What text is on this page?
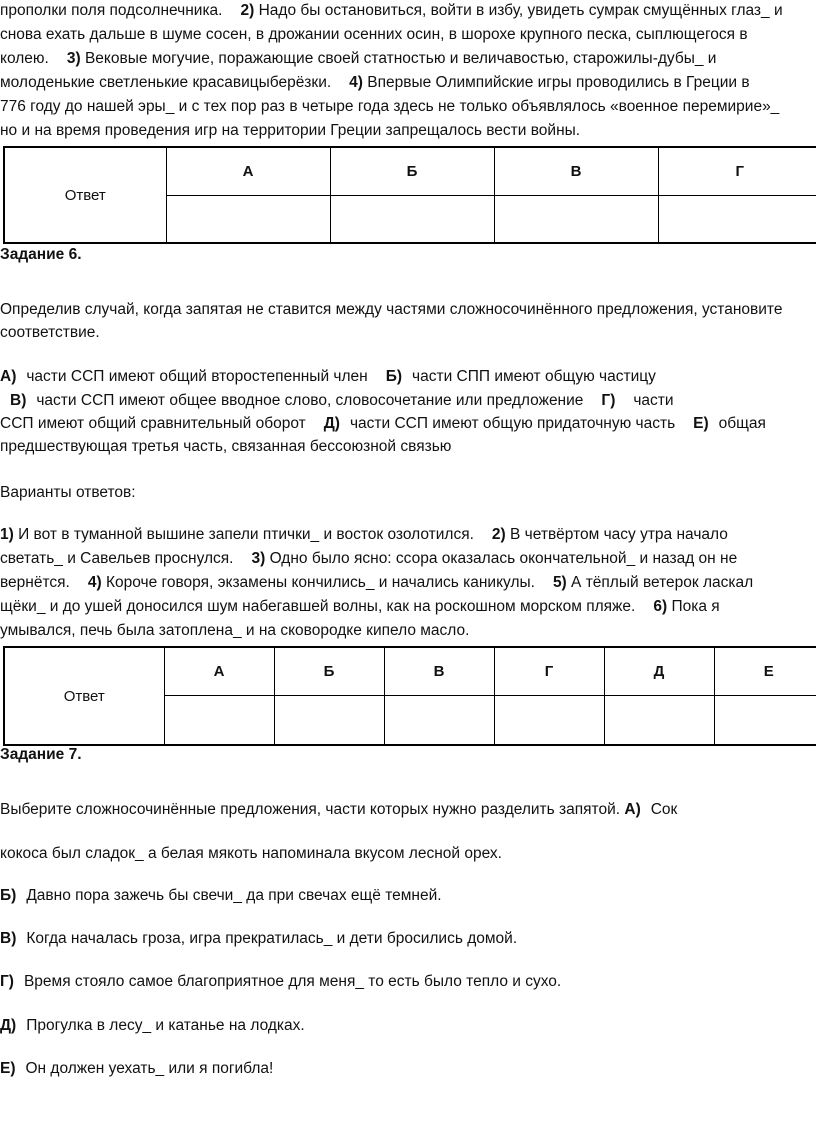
прополки поля подсолнечника. 2) Надо бы остановиться, войти в избу, увидеть сумрак смущённых глаз_ и
снова ехать дальше в шуме сосен, в дрожании осенних осин, в шорохе крупного песка, сыплющегося в
колею. 3) Вековые могучие, поражающие своей статностью и величавостью, старожилы-дубы_ и
молоденькие светленькие красавицыберёзки. 4) Впервые Олимпийские игры проводились в Греции в
776 году до нашей эры_ и с тех пор раз в четыре года здесь не только объявлялось «военное перемирие»_
но и на время проведения игр на территории Греции запрещалось вести войны.
Ответ	А	Б	В	Г

Задание 6.
Определив случай, когда запятая не ставится между частями сложносочинённого предложения, установите
соответствие.
А) части ССП имеют общий второстепенный член Б) части СПП имеют общую частицу
В) части ССП имеют общее вводное слово, словосочетание или предложение Г) части
ССП имеют общий сравнительный оборот Д) части ССП имеют общую придаточную часть Е) общая
предшествующая третья часть, связанная бессоюзной связью
Варианты ответов:
1) И вот в туманной вышине запели птички_ и восток озолотился. 2) В четвёртом часу утра начало
светать_ и Савельев проснулся. 3) Одно было ясно: ссора оказалась окончательной_ и назад он не
вернётся. 4) Короче говоря, экзамены кончились_ и начались каникулы. 5) А тёплый ветерок ласкал
щёки_ и до ушей доносился шум набегавшей волны, как на роскошном морском пляже. 6) Пока я
умывался, печь была затоплена_ и на сковородке кипело масло.
Ответ	А	Б	В	Г	Д	Е

Задание 7.
Выберите сложносочинённые предложения, части которых нужно разделить запятой. А) Сок
кокоса был сладок_ а белая мякоть напоминала вкусом лесной орех.
Б) Давно пора зажечь бы свечи_ да при свечах ещё темней.
В) Когда началась гроза, игра прекратилась_ и дети бросились домой.
Г) Время стояло самое благоприятное для меня_ то есть было тепло и сухо.
Д) Прогулка в лесу_ и катанье на лодках.
Е) Он должен уехать_ или я погибла!
